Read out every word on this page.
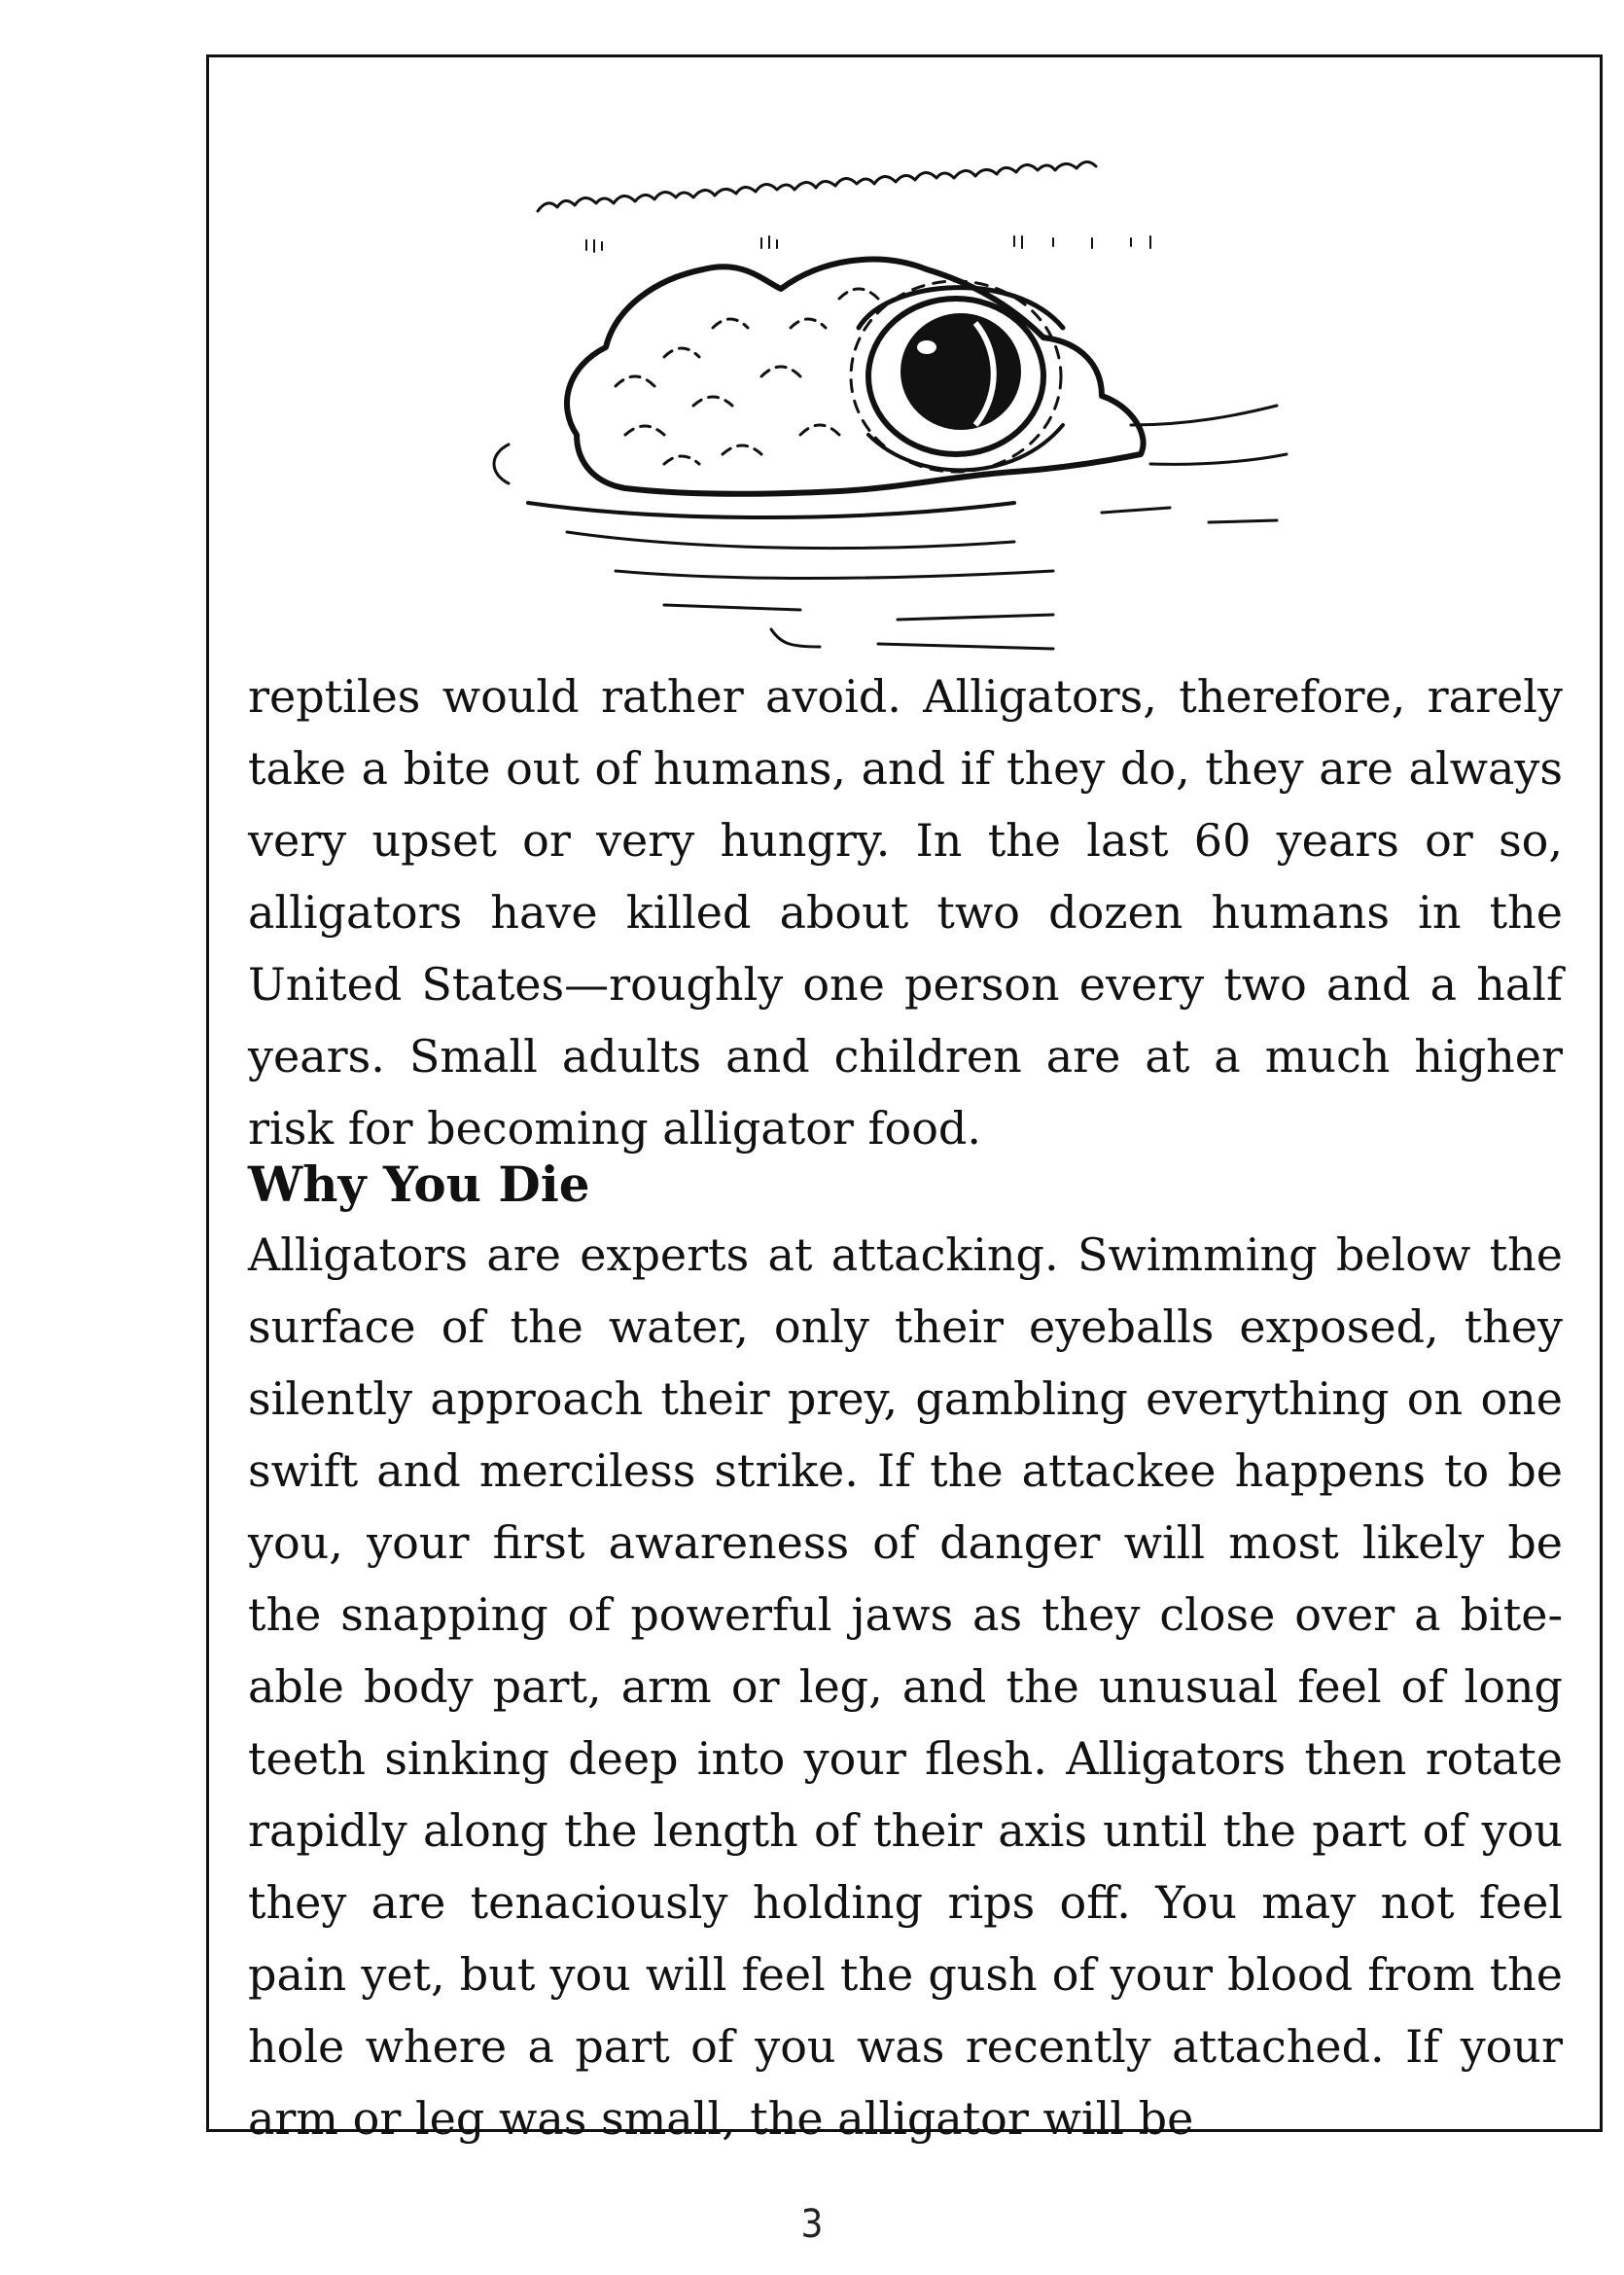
reptiles would rather avoid. Alligators, therefore, rarely take a bite out of humans, and if they do, they are always very upset or very hungry. In the last 60 years or so, alligators have killed about two dozen humans in the United States—roughly one person every two and a half years. Small adults and children are at a much higher risk for becoming alligator food.

Why You Die

Alligators are experts at attacking. Swimming below the surface of the water, only their eyeballs exposed, they silently approach their prey, gambling everything on one swift and merciless strike. If the attackee happens to be you, your first awareness of danger will most likely be the snapping of powerful jaws as they close over a bite-able body part, arm or leg, and the unusual feel of long teeth sinking deep into your flesh. Alligators then rotate rapidly along the length of their axis until the part of you they are tenaciously holding rips off. You may not feel pain yet, but you will feel the gush of your blood from the hole where a part of you was recently attached. If your arm or leg was small, the alligator will be

3
